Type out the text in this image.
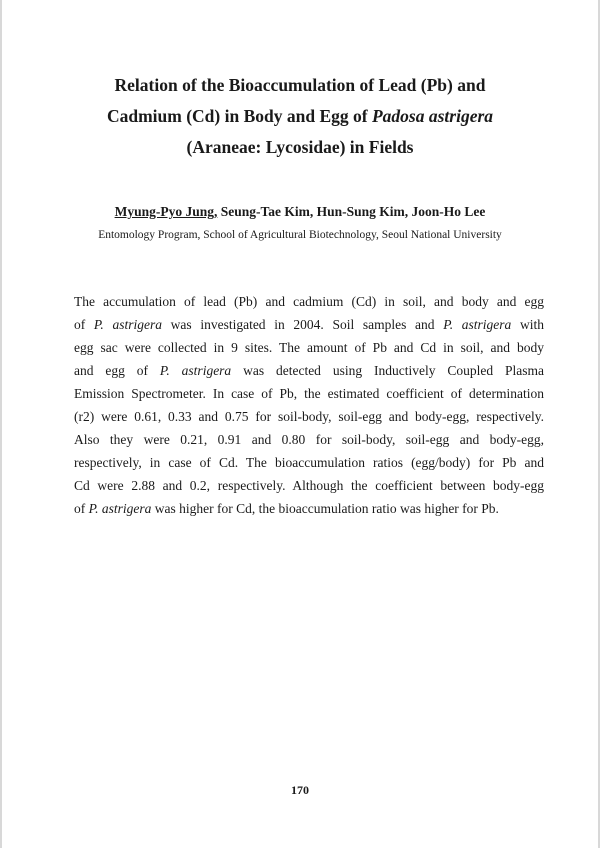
Relation of the Bioaccumulation of Lead (Pb) and
Cadmium (Cd) in Body and Egg of Padosa astrigera
(Araneae: Lycosidae) in Fields
Myung-Pyo Jung, Seung-Tae Kim, Hun-Sung Kim, Joon-Ho Lee
Entomology Program, School of Agricultural Biotechnology, Seoul National University
The accumulation of lead (Pb) and cadmium (Cd) in soil, and body and egg
of P. astrigera was investigated in 2004. Soil samples and P. astrigera with
egg sac were collected in 9 sites. The amount of Pb and Cd in soil, and body
and egg of P. astrigera was detected using Inductively Coupled Plasma
Emission Spectrometer. In case of Pb, the estimated coefficient of determination
(r2) were 0.61, 0.33 and 0.75 for soil-body, soil-egg and body-egg, respectively.
Also they were 0.21, 0.91 and 0.80 for soil-body, soil-egg and body-egg,
respectively, in case of Cd. The bioaccumulation ratios (egg/body) for Pb and
Cd were 2.88 and 0.2, respectively. Although the coefficient between body-egg
of P. astrigera was higher for Cd, the bioaccumulation ratio was higher for Pb.
170
